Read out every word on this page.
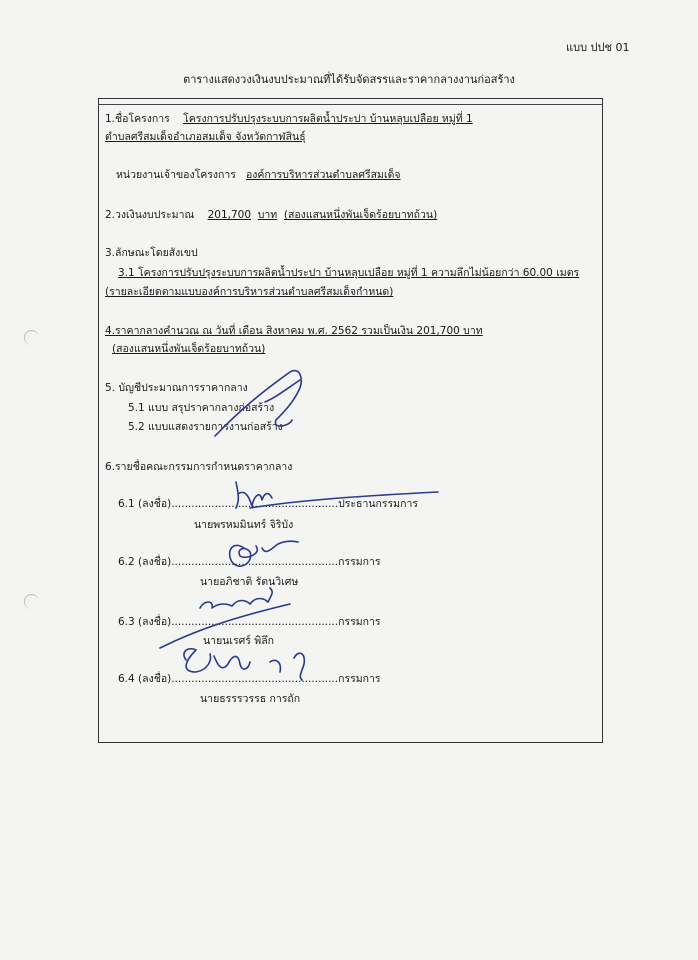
แบบ ปปช 01
ตารางแสดงวงเงินงบประมาณที่ได้รับจัดสรรและราคากลางงานก่อสร้าง
1.ชื่อโครงการ โครงการปรับปรุงระบบการผลิตน้ำประปา บ้านหลุบเปลือย หมู่ที่ 1
ตำบลศรีสมเด็จอำเภอสมเด็จ จังหวัดกาฬสินธุ์
หน่วยงานเจ้าของโครงการ องค์การบริหารส่วนตำบลศรีสมเด็จ
2.วงเงินงบประมาณ 201,700 บาท (สองแสนหนึ่งพันเจ็ดร้อยบาทถ้วน)
3.ลักษณะโดยสังเขป
3.1 โครงการปรับปรุงระบบการผลิตน้ำประปา บ้านหลุบเปลือย หมู่ที่ 1 ความลึกไม่น้อยกว่า 60.00 เมตร
(รายละเอียดตามแบบองค์การบริหารส่วนตำบลศรีสมเด็จกำหนด)
4.ราคากลางคำนวณ ณ วันที่ เดือน สิงหาคม พ.ศ. 2562 รวมเป็นเงิน 201,700 บาท
(สองแสนหนึ่งพันเจ็ดร้อยบาทถ้วน)
5. บัญชีประมาณการราคากลาง
5.1 แบบ สรุปราคากลางก่อสร้าง
5.2 แบบแสดงรายการงานก่อสร้าง
6.รายชื่อคณะกรรมการกำหนดราคากลาง
6.1 (ลงชื่อ)..................................................ประธานกรรมการ
นายพรหมมินทร์ จิริบัง
6.2 (ลงชื่อ)..................................................กรรมการ
นายอภิชาติ รัตนวิเศษ
6.3 (ลงชื่อ)..................................................กรรมการ
นายนเรศร์ พิลึก
6.4 (ลงชื่อ)..................................................กรรมการ
นายธรรรวรรธ การถัก
